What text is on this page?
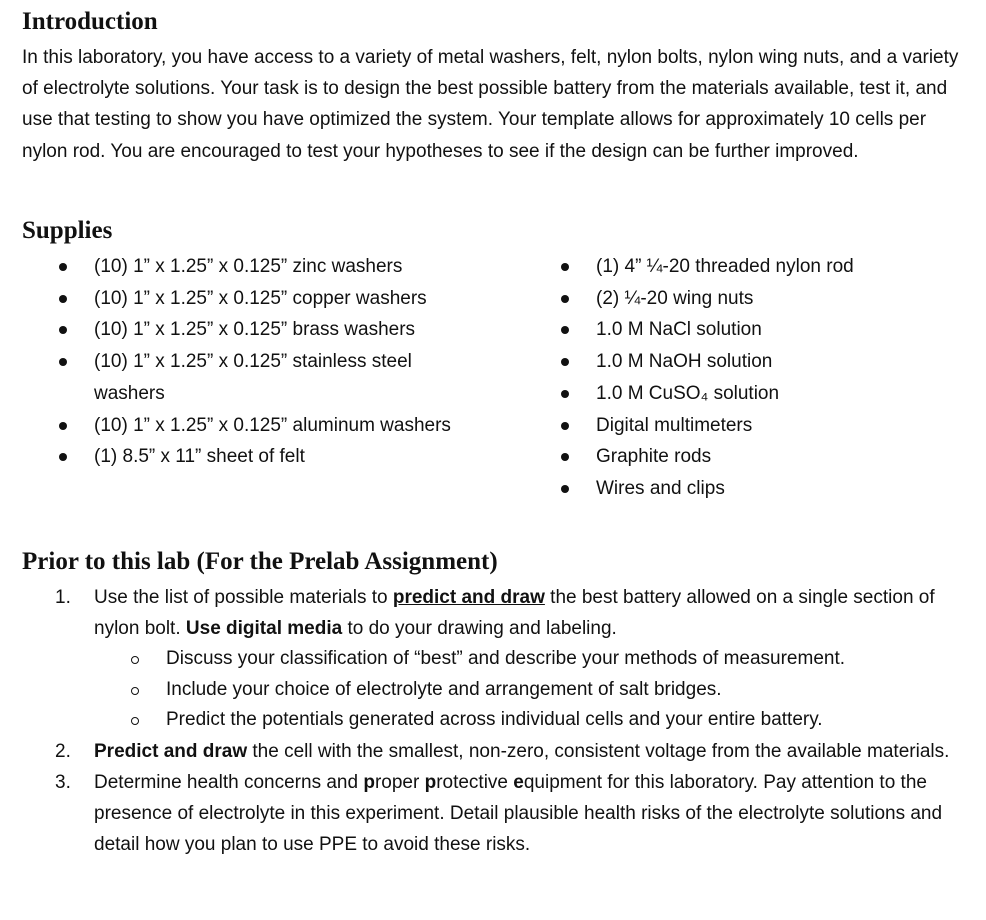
Introduction

In this laboratory, you have access to a variety of metal washers, felt, nylon bolts, nylon wing nuts, and a variety of electrolyte solutions. Your task is to design the best possible battery from the materials available, test it, and use that testing to show you have optimized the system. Your template allows for approximately 10 cells per nylon rod. You are encouraged to test your hypotheses to see if the design can be further improved.

Supplies
(10) 1” x 1.25” x 0.125” zinc washers
(10) 1” x 1.25” x 0.125” copper washers
(10) 1” x 1.25” x 0.125” brass washers
(10) 1” x 1.25” x 0.125” stainless steel washers
(10) 1” x 1.25” x 0.125” aluminum washers
(1) 8.5” x 11” sheet of felt
(1) 4” ¼-20 threaded nylon rod
(2) ¼-20 wing nuts
1.0 M NaCl solution
1.0 M NaOH solution
1.0 M CuSO₄ solution
Digital multimeters
Graphite rods
Wires and clips
Prior to this lab (For the Prelab Assignment)
1. Use the list of possible materials to predict and draw the best battery allowed on a single section of nylon bolt. Use digital media to do your drawing and labeling.
Discuss your classification of “best” and describe your methods of measurement.
Include your choice of electrolyte and arrangement of salt bridges.
Predict the potentials generated across individual cells and your entire battery.
2. Predict and draw the cell with the smallest, non-zero, consistent voltage from the available materials.
3. Determine health concerns and proper protective equipment for this laboratory. Pay attention to the presence of electrolyte in this experiment. Detail plausible health risks of the electrolyte solutions and detail how you plan to use PPE to avoid these risks.
